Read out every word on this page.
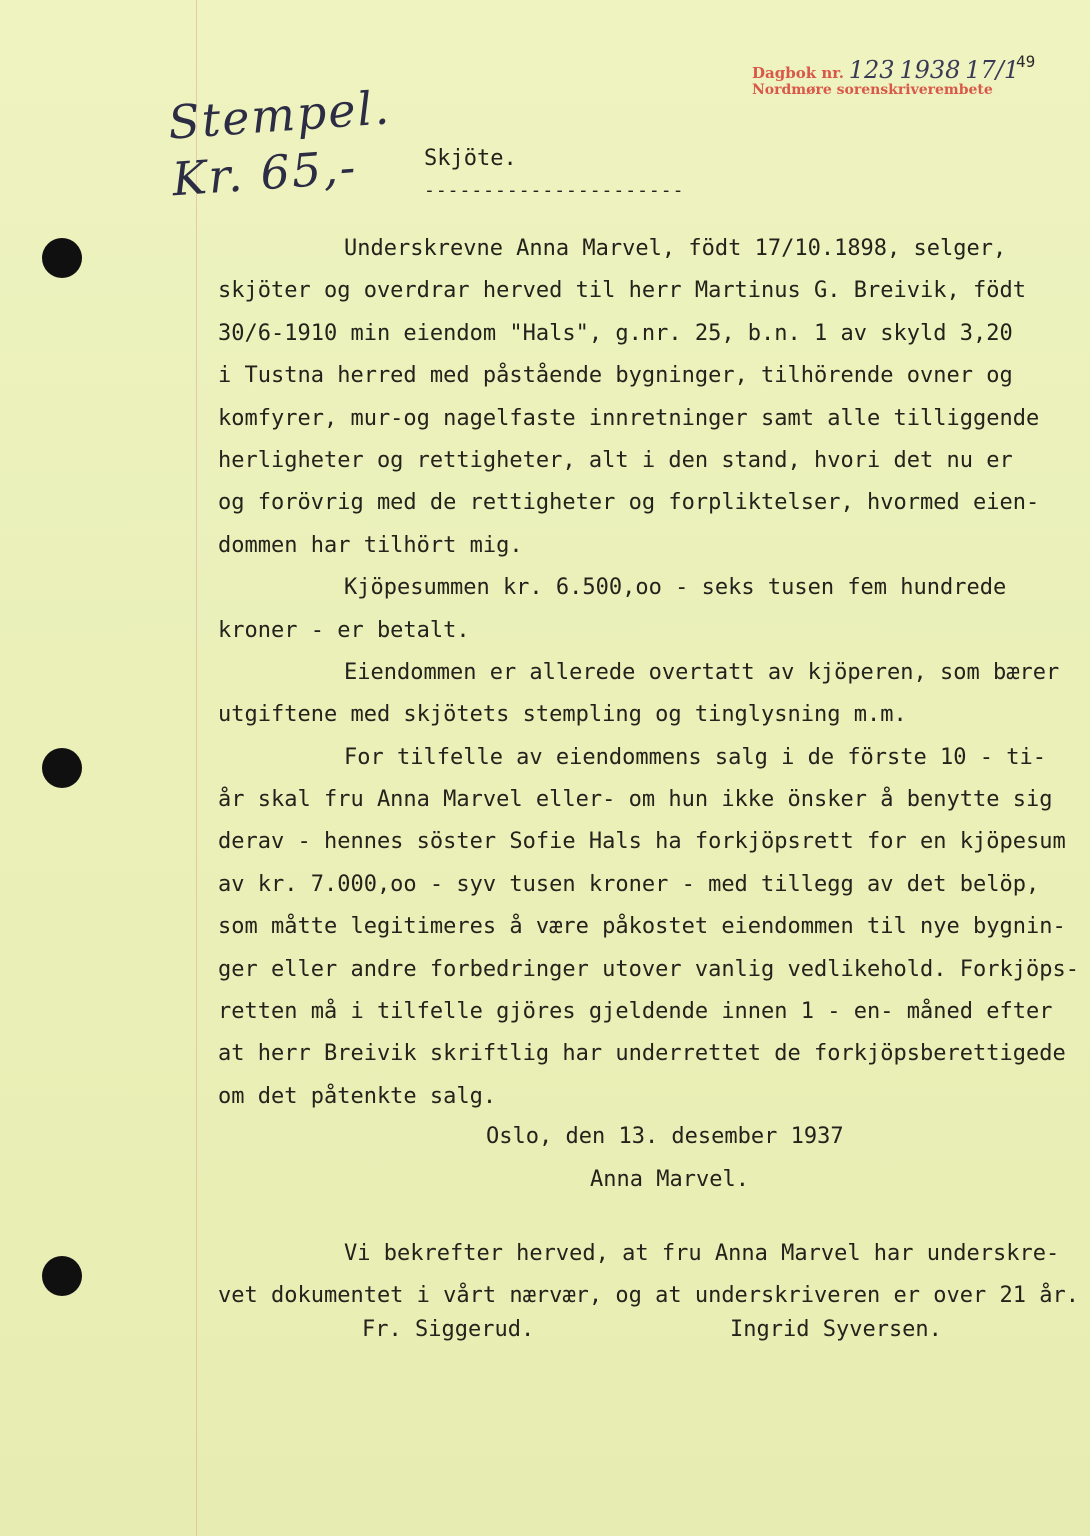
Dagbok nr. 123 1938 17/1
Nordmøre sorenskriverembete
49
Stempel.
Kr. 65,-	Skjöte.
----------------------
Underskrevne Anna Marvel, födt 17/10.1898, selger,
skjöter og overdrar herved til herr Martinus G. Breivik, födt
30/6-1910 min eiendom "Hals", g.nr. 25, b.n. 1 av skyld 3,20
i Tustna herred med påstående bygninger, tilhörende ovner og
komfyrer, mur-og nagelfaste innretninger samt alle tilliggende
herligheter og rettigheter, alt i den stand, hvori det nu er
og forövrig med de rettigheter og forpliktelser, hvormed eien-
dommen har tilhört mig.
Kjöpesummen kr. 6.500,oo - seks tusen fem hundrede
kroner - er betalt.
Eiendommen er allerede overtatt av kjöperen, som bærer
utgiftene med skjötets stempling og tinglysning m.m.
For tilfelle av eiendommens salg i de förste 10 - ti-
år skal fru Anna Marvel eller- om hun ikke önsker å benytte sig
derav - hennes söster Sofie Hals ha forkjöpsrett for en kjöpesum
av kr. 7.000,oo - syv tusen kroner - med tillegg av det belöp,
som måtte legitimeres å være påkostet eiendommen til nye bygnin-
ger eller andre forbedringer utover vanlig vedlikehold. Forkjöps-
retten må i tilfelle gjöres gjeldende innen 1 - en- måned efter
at herr Breivik skriftlig har underrettet de forkjöpsberettigede
om det påtenkte salg.
Oslo, den 13. desember 1937
Anna Marvel.
Vi bekrefter herved, at fru Anna Marvel har underskre-
vet dokumentet i vårt nærvær, og at underskriveren er over 21 år.
Fr. Siggerud.	Ingrid Syversen.
